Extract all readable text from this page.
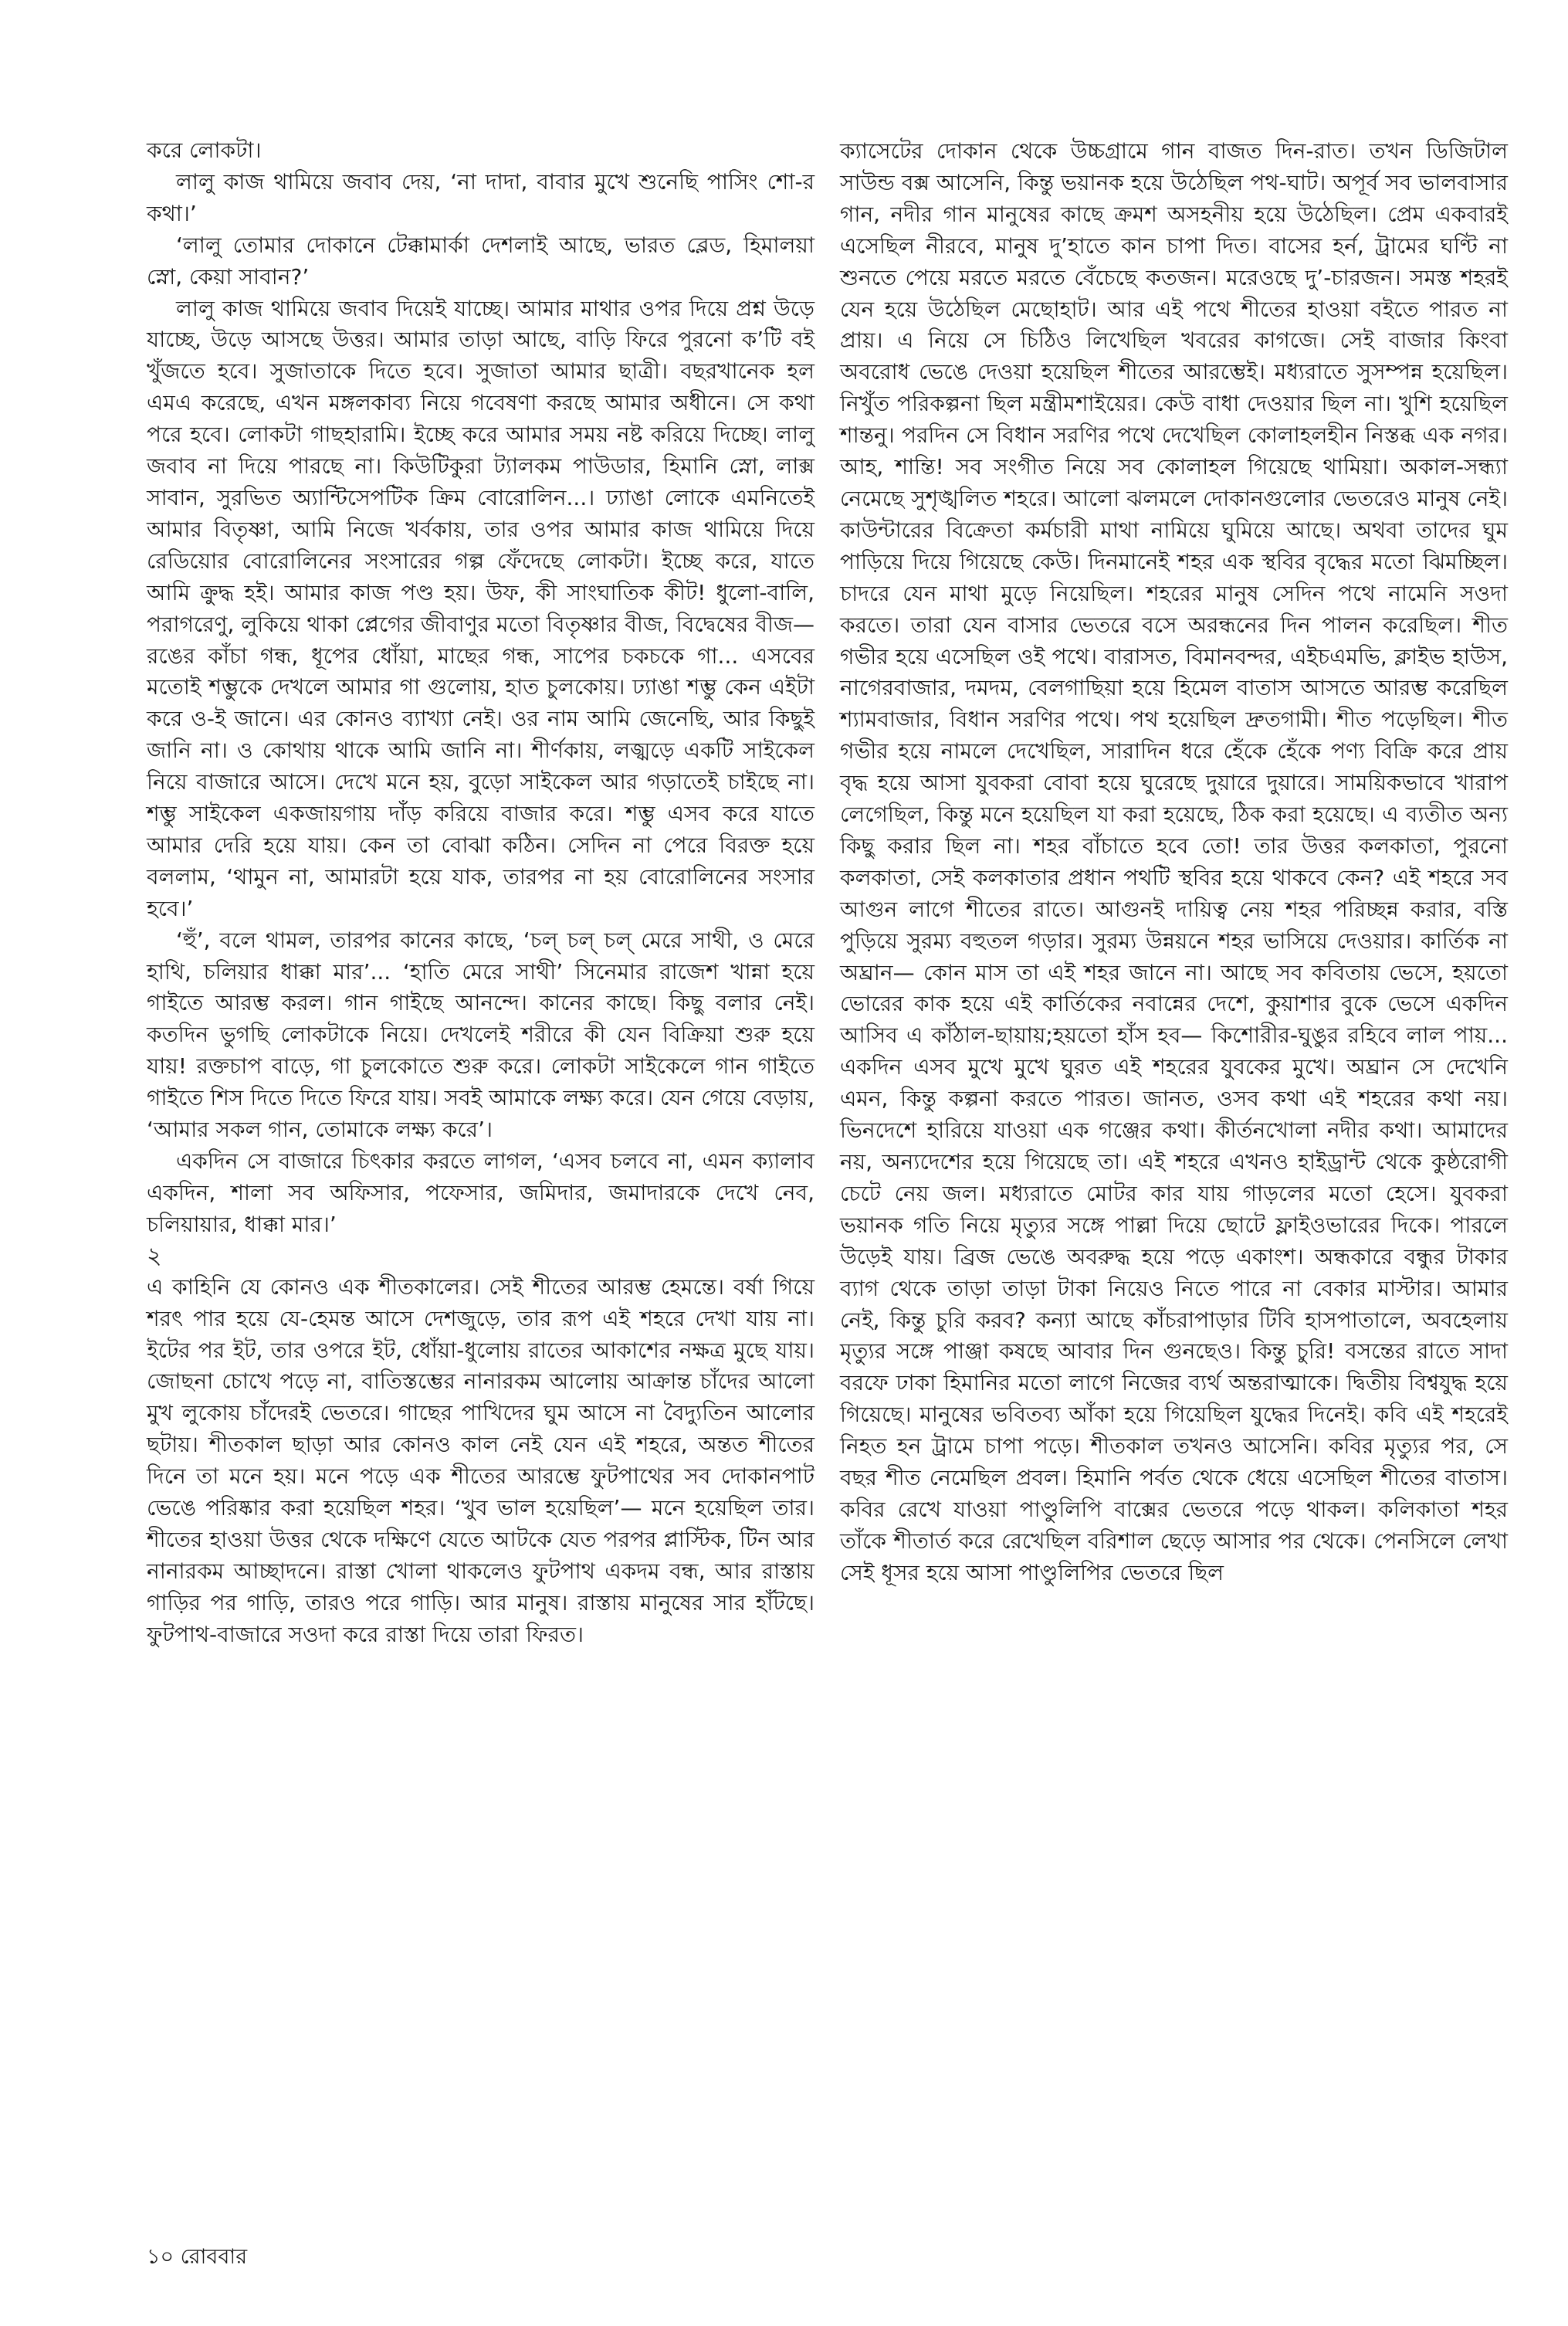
করে লোকটা।

লালু কাজ থামিয়ে জবাব দেয়, ‘না দাদা, বাবার মুখে শুনেছি পাসিং শো-র কথা।’

‘লালু তোমার দোকানে টেক্কামার্কা দেশলাই আছে, ভারত ব্লেড, হিমালয়া স্নো, কেয়া সাবান?’

লালু কাজ থামিয়ে জবাব দিয়েই যাচ্ছে। আমার মাথার ওপর দিয়ে প্রশ্ন উড়ে যাচ্ছে, উড়ে আসছে উত্তর। আমার তাড়া আছে, বাড়ি ফিরে পুরনো ক’টি বই খুঁজতে হবে। সুজাতাকে দিতে হবে। সুজাতা আমার ছাত্রী। বছরখানেক হল এমএ করেছে, এখন মঙ্গলকাব্য নিয়ে গবেষণা করছে আমার অধীনে। সে কথা পরে হবে। লোকটা গাছহারামি। ইচ্ছে করে আমার সময় নষ্ট করিয়ে দিচ্ছে। লালু জবাব না দিয়ে পারছে না। কিউটিকুরা ট্যালকম পাউডার, হিমানি স্নো, লাক্স সাবান, সুরভিত অ্যান্টিসেপটিক ক্রিম বোরোলিন...। ঢ্যাঙা লোকে এমনিতেই আমার বিতৃষ্ণা, আমি নিজে খর্বকায়, তার ওপর আমার কাজ থামিয়ে দিয়ে রেডিয়োর বোরোলিনের সংসারের গল্প ফেঁদেছে লোকটা। ইচ্ছে করে, যাতে আমি ক্রুদ্ধ হই। আমার কাজ পণ্ড হয়। উফ, কী সাংঘাতিক কীট! ধুলো-বালি, পরাগরেণু, লুকিয়ে থাকা প্লেগের জীবাণুর মতো বিতৃষ্ণার বীজ, বিদ্বেষের বীজ— রঙের কাঁচা গন্ধ, ধূপের ধোঁয়া, মাছের গন্ধ, সাপের চকচকে গা... এসবের মতোই শম্ভুকে দেখলে আমার গা গুলোয়, হাত চুলকোয়। ঢ্যাঙা শম্ভু কেন এইটা করে ও-ই জানে। এর কোনও ব্যাখ্যা নেই। ওর নাম আমি জেনেছি, আর কিছুই জানি না। ও কোথায় থাকে আমি জানি না। শীর্ণকায়, লজ্ঝড়ে একটি সাইকেল নিয়ে বাজারে আসে। দেখে মনে হয়, বুড়ো সাইকেল আর গড়াতেই চাইছে না। শম্ভু সাইকেল একজায়গায় দাঁড় করিয়ে বাজার করে। শম্ভু এসব করে যাতে আমার দেরি হয়ে যায়। কেন তা বোঝা কঠিন। সেদিন না পেরে বিরক্ত হয়ে বললাম, ‘থামুন না, আমারটা হয়ে যাক, তারপর না হয় বোরোলিনের সংসার হবে।’

‘হুঁ’, বলে থামল, তারপর কানের কাছে, ‘চল্ চল্ চল্ মেরে সাথী, ও মেরে হাথি, চলিয়ার ধাক্কা মার’... ‘হাতি মেরে সাথী’ সিনেমার রাজেশ খান্না হয়ে গাইতে আরম্ভ করল। গান গাইছে আনন্দে। কানের কাছে। কিছু বলার নেই। কতদিন ভুগছি লোকটাকে নিয়ে। দেখলেই শরীরে কী যেন বিক্রিয়া শুরু হয়ে যায়! রক্তচাপ বাড়ে, গা চুলকোতে শুরু করে। লোকটা সাইকেলে গান গাইতে গাইতে শিস দিতে দিতে ফিরে যায়। সবই আমাকে লক্ষ্য করে। যেন গেয়ে বেড়ায়, ‘আমার সকল গান, তোমাকে লক্ষ্য করে’।

একদিন সে বাজারে চিৎকার করতে লাগল, ‘এসব চলবে না, এমন ক্যালাব একদিন, শালা সব অফিসার, পফেসার, জমিদার, জমাদারকে দেখে নেব, চলিয়ায়ার, ধাক্কা মার।’

২

এ কাহিনি যে কোনও এক শীতকালের। সেই শীতের আরম্ভ হেমন্তে। বর্ষা গিয়ে শরৎ পার হয়ে যে-হেমন্ত আসে দেশজুড়ে, তার রূপ এই শহরে দেখা যায় না। ইটের পর ইট, তার ওপরে ইট, ধোঁয়া-ধুলোয় রাতের আকাশের নক্ষত্র মুছে যায়। জোছনা চোখে পড়ে না, বাতিস্তম্ভের নানারকম আলোয় আক্রান্ত চাঁদের আলো মুখ লুকোয় চাঁদেরই ভেতরে। গাছের পাখিদের ঘুম আসে না বৈদ্যুতিন আলোর ছটায়। শীতকাল ছাড়া আর কোনও কাল নেই যেন এই শহরে, অন্তত শীতের দিনে তা মনে হয়। মনে পড়ে এক শীতের আরম্ভে ফুটপাথের সব দোকানপাট ভেঙে পরিষ্কার করা হয়েছিল শহর। ‘খুব ভাল হয়েছিল’— মনে হয়েছিল তার। শীতের হাওয়া উত্তর থেকে দক্ষিণে যেতে আটকে যেত পরপর প্লাস্টিক, টিন আর নানারকম আচ্ছাদনে। রাস্তা খোলা থাকলেও ফুটপাথ একদম বন্ধ, আর রাস্তায় গাড়ির পর গাড়ি, তারও পরে গাড়ি। আর মানুষ। রাস্তায় মানুষের সার হাঁটছে। ফুটপাথ-বাজারে সওদা করে রাস্তা দিয়ে তারা ফিরত।

ক্যাসেটের দোকান থেকে উচ্চগ্রামে গান বাজত দিন-রাত। তখন ডিজিটাল সাউন্ড বক্স আসেনি, কিন্তু ভয়ানক হয়ে উঠেছিল পথ-ঘাট। অপূর্ব সব ভালবাসার গান, নদীর গান মানুষের কাছে ক্রমশ অসহনীয় হয়ে উঠেছিল। প্রেম একবারই এসেছিল নীরবে, মানুষ দু’হাতে কান চাপা দিত। বাসের হর্ন, ট্রামের ঘণ্টি না শুনতে পেয়ে মরতে মরতে বেঁচেছে কতজন। মরেওছে দু’-চারজন। সমস্ত শহরই যেন হয়ে উঠেছিল মেছোহাট। আর এই পথে শীতের হাওয়া বইতে পারত না প্রায়। এ নিয়ে সে চিঠিও লিখেছিল খবরের কাগজে। সেই বাজার কিংবা অবরোধ ভেঙে দেওয়া হয়েছিল শীতের আরম্ভেই। মধ্যরাতে সুসম্পন্ন হয়েছিল। নিখুঁত পরিকল্পনা ছিল মন্ত্রীমশাইয়ের। কেউ বাধা দেওয়ার ছিল না। খুশি হয়েছিল শান্তনু। পরদিন সে বিধান সরণির পথে দেখেছিল কোলাহলহীন নিস্তব্ধ এক নগর। আহ, শান্তি! সব সংগীত নিয়ে সব কোলাহল গিয়েছে থামিয়া। অকাল-সন্ধ্যা নেমেছে সুশৃঙ্খলিত শহরে। আলো ঝলমলে দোকানগুলোর ভেতরেও মানুষ নেই। কাউন্টারের বিক্রেতা কর্মচারী মাথা নামিয়ে ঘুমিয়ে আছে। অথবা তাদের ঘুম পাড়িয়ে দিয়ে গিয়েছে কেউ। দিনমানেই শহর এক স্থবির বৃদ্ধের মতো ঝিমচ্ছিল। চাদরে যেন মাথা মুড়ে নিয়েছিল। শহরের মানুষ সেদিন পথে নামেনি সওদা করতে। তারা যেন বাসার ভেতরে বসে অরন্ধনের দিন পালন করেছিল। শীত গভীর হয়ে এসেছিল ওই পথে। বারাসত, বিমানবন্দর, এইচএমভি, ক্লাইভ হাউস, নাগেরবাজার, দমদম, বেলগাছিয়া হয়ে হিমেল বাতাস আসতে আরম্ভ করেছিল শ্যামবাজার, বিধান সরণির পথে। পথ হয়েছিল দ্রুতগামী। শীত পড়েছিল। শীত গভীর হয়ে নামলে দেখেছিল, সারাদিন ধরে হেঁকে হেঁকে পণ্য বিক্রি করে প্রায় বৃদ্ধ হয়ে আসা যুবকরা বোবা হয়ে ঘুরেছে দুয়ারে দুয়ারে। সাময়িকভাবে খারাপ লেগেছিল, কিন্তু মনে হয়েছিল যা করা হয়েছে, ঠিক করা হয়েছে। এ ব্যতীত অন্য কিছু করার ছিল না। শহর বাঁচাতে হবে তো! তার উত্তর কলকাতা, পুরনো কলকাতা, সেই কলকাতার প্রধান পথটি স্থবির হয়ে থাকবে কেন? এই শহরে সব আগুন লাগে শীতের রাতে। আগুনই দায়িত্ব নেয় শহর পরিচ্ছন্ন করার, বস্তি পুড়িয়ে সুরম্য বহুতল গড়ার। সুরম্য উন্নয়নে শহর ভাসিয়ে দেওয়ার। কার্তিক না অঘ্রান— কোন মাস তা এই শহর জানে না। আছে সব কবিতায় ভেসে, হয়তো ভোরের কাক হয়ে এই কার্তিকের নবান্নের দেশে, কুয়াশার বুকে ভেসে একদিন আসিব এ কাঁঠাল-ছায়ায়;হয়তো হাঁস হব— কিশোরীর-ঘুঙুর রহিবে লাল পায়... একদিন এসব মুখে মুখে ঘুরত এই শহরের যুবকের মুখে। অঘ্রান সে দেখেনি এমন, কিন্তু কল্পনা করতে পারত। জানত, ওসব কথা এই শহরের কথা নয়। ভিনদেশে হারিয়ে যাওয়া এক গঞ্জের কথা। কীর্তনখোলা নদীর কথা। আমাদের নয়, অন্যদেশের হয়ে গিয়েছে তা। এই শহরে এখনও হাইড্রান্ট থেকে কুষ্ঠরোগী চেটে নেয় জল। মধ্যরাতে মোটর কার যায় গাড়লের মতো হেসে। যুবকরা ভয়ানক গতি নিয়ে মৃত্যুর সঙ্গে পাল্লা দিয়ে ছোটে ফ্লাইওভারের দিকে। পারলে উড়েই যায়। ব্রিজ ভেঙে অবরুদ্ধ হয়ে পড়ে একাংশ। অন্ধকারে বন্ধুর টাকার ব্যাগ থেকে তাড়া তাড়া টাকা নিয়েও নিতে পারে না বেকার মাস্টার। আমার নেই, কিন্তু চুরি করব? কন্যা আছে কাঁচরাপাড়ার টিবি হাসপাতালে, অবহেলায় মৃত্যুর সঙ্গে পাঞ্জা কষছে আবার দিন গুনছেও। কিন্তু চুরি! বসন্তের রাতে সাদা বরফে ঢাকা হিমানির মতো লাগে নিজের ব্যর্থ অন্তরাত্মাকে। দ্বিতীয় বিশ্বযুদ্ধ হয়ে গিয়েছে। মানুষের ভবিতব্য আঁকা হয়ে গিয়েছিল যুদ্ধের দিনেই। কবি এই শহরেই নিহত হন ট্রামে চাপা পড়ে। শীতকাল তখনও আসেনি। কবির মৃত্যুর পর, সে বছর শীত নেমেছিল প্রবল। হিমানি পর্বত থেকে ধেয়ে এসেছিল শীতের বাতাস। কবির রেখে যাওয়া পাণ্ডুলিপি বাক্সের ভেতরে পড়ে থাকল। কলিকাতা শহর তাঁকে শীতার্ত করে রেখেছিল বরিশাল ছেড়ে আসার পর থেকে। পেনসিলে লেখা সেই ধূসর হয়ে আসা পাণ্ডুলিপির ভেতরে ছিল

১০ রোববার
